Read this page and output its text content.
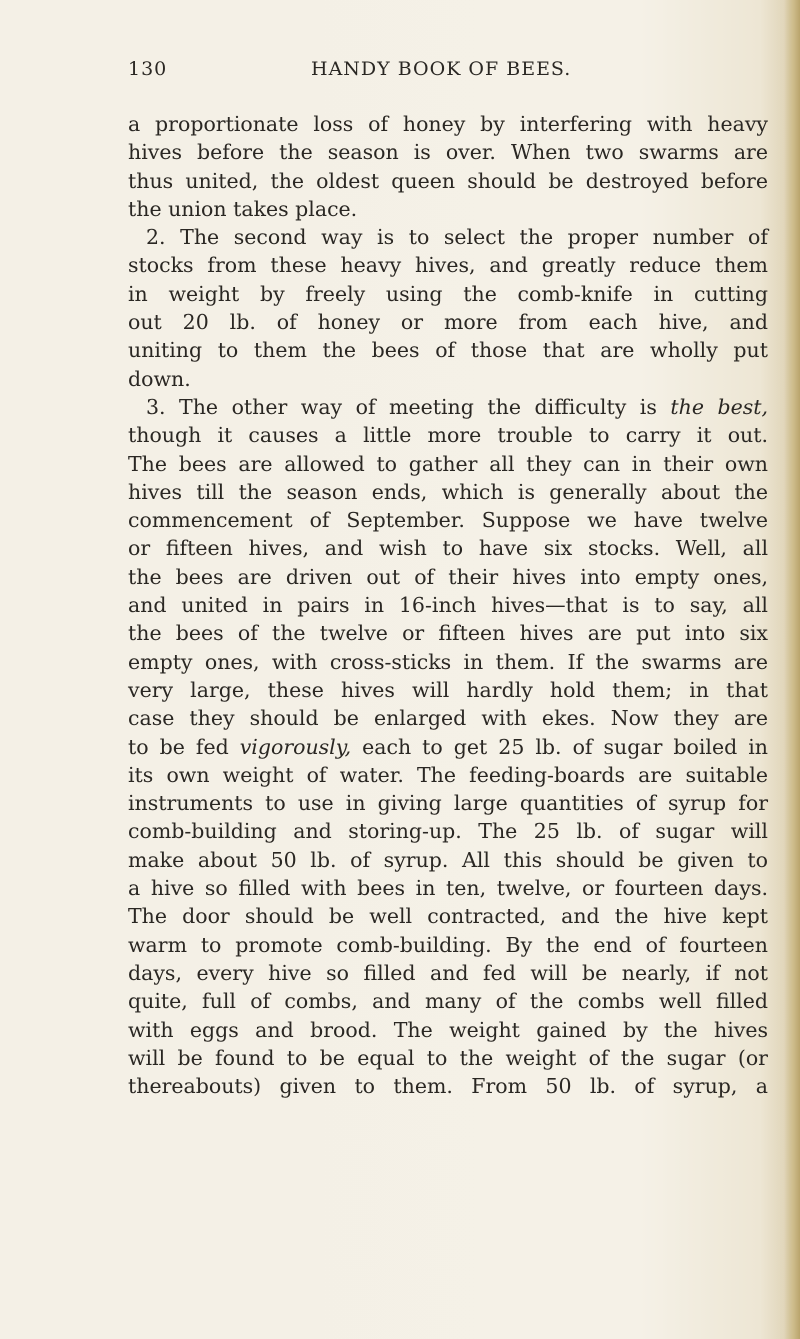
130	HANDY BOOK OF BEES.
a proportionate loss of honey by interfering with heavy
hives before the season is over. When two swarms are
thus united, the oldest queen should be destroyed before
the union takes place.
2. The second way is to select the proper number of
stocks from these heavy hives, and greatly reduce them
in weight by freely using the comb-knife in cutting
out 20 lb. of honey or more from each hive, and
uniting to them the bees of those that are wholly put
down.
3. The other way of meeting the difficulty is the best,
though it causes a little more trouble to carry it out.
The bees are allowed to gather all they can in their own
hives till the season ends, which is generally about the
commencement of September. Suppose we have twelve
or fifteen hives, and wish to have six stocks. Well, all
the bees are driven out of their hives into empty ones,
and united in pairs in 16-inch hives—that is to say, all
the bees of the twelve or fifteen hives are put into six
empty ones, with cross-sticks in them. If the swarms are
very large, these hives will hardly hold them; in that
case they should be enlarged with ekes. Now they are
to be fed vigorously, each to get 25 lb. of sugar boiled in
its own weight of water. The feeding-boards are suitable
instruments to use in giving large quantities of syrup for
comb-building and storing-up. The 25 lb. of sugar will
make about 50 lb. of syrup. All this should be given to
a hive so filled with bees in ten, twelve, or fourteen days.
The door should be well contracted, and the hive kept
warm to promote comb-building. By the end of fourteen
days, every hive so filled and fed will be nearly, if not
quite, full of combs, and many of the combs well filled
with eggs and brood. The weight gained by the hives
will be found to be equal to the weight of the sugar (or
thereabouts) given to them. From 50 lb. of syrup, a
